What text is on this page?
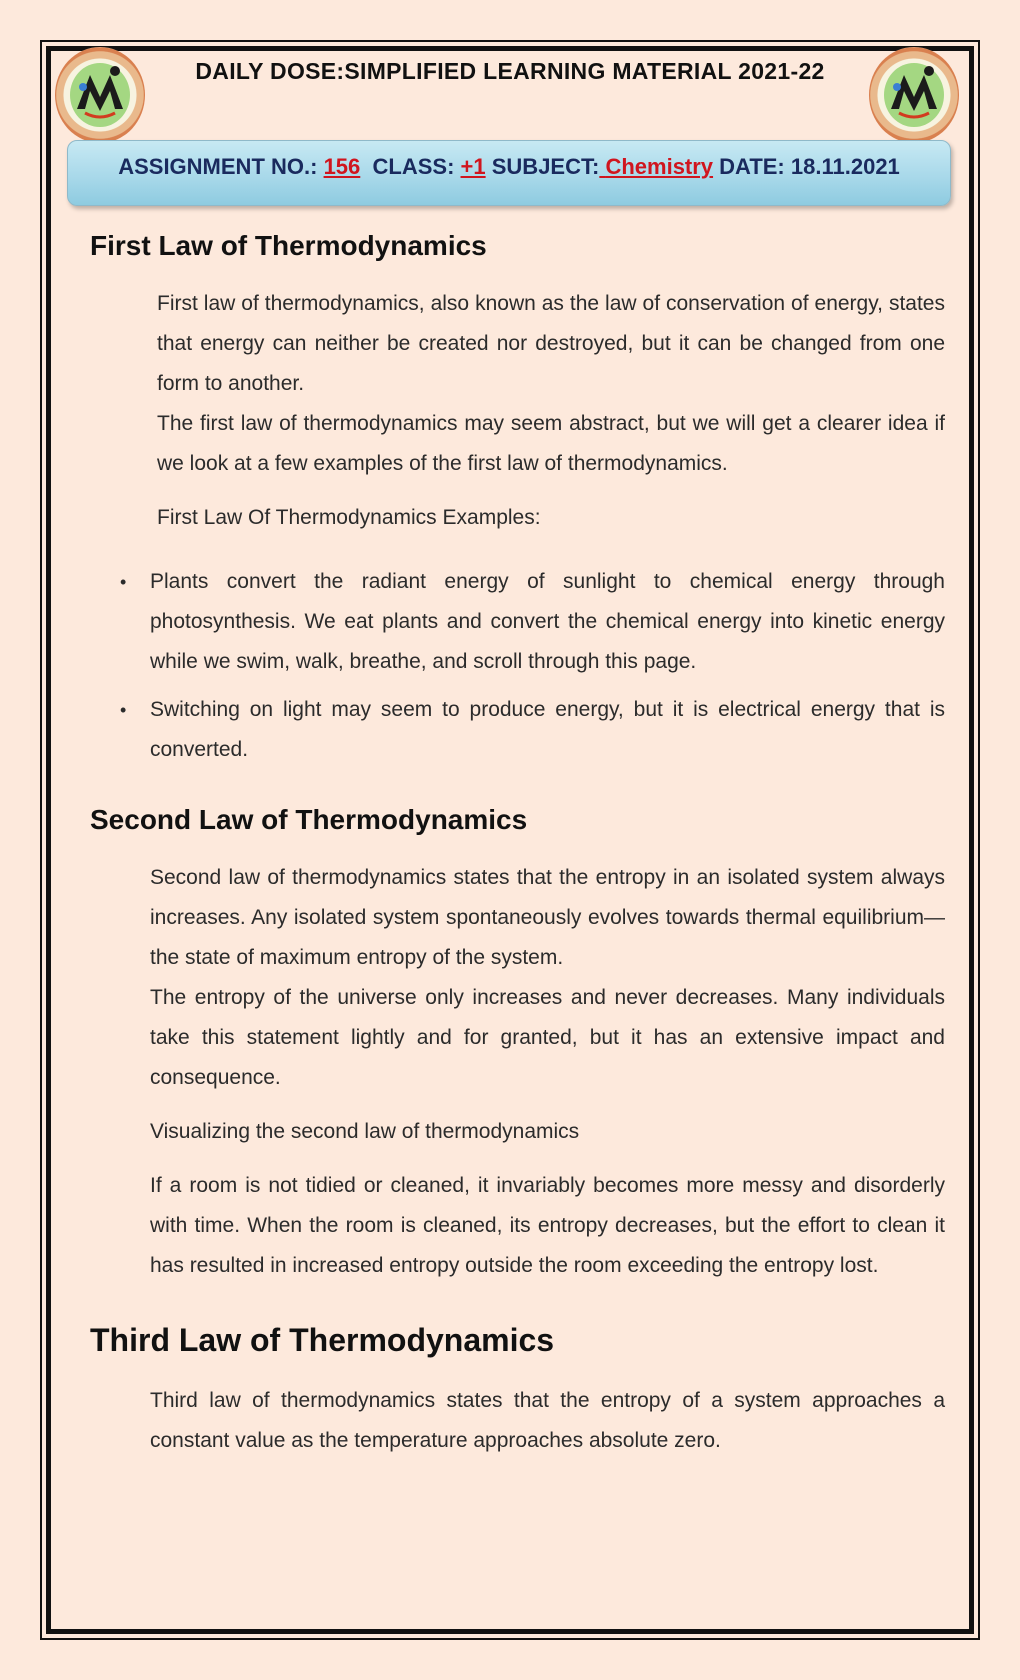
DAILY DOSE:SIMPLIFIED LEARNING MATERIAL 2021-22
ASSIGNMENT NO.: 156 CLASS: +1 SUBJECT: Chemistry DATE: 18.11.2021
First Law of Thermodynamics

First law of thermodynamics, also known as the law of conservation of energy, states that energy can neither be created nor destroyed, but it can be changed from one form to another.

The first law of thermodynamics may seem abstract, but we will get a clearer idea if we look at a few examples of the first law of thermodynamics.

First Law Of Thermodynamics Examples:

• Plants convert the radiant energy of sunlight to chemical energy through photosynthesis. We eat plants and convert the chemical energy into kinetic energy while we swim, walk, breathe, and scroll through this page.
• Switching on light may seem to produce energy, but it is electrical energy that is converted.
Second Law of Thermodynamics

Second law of thermodynamics states that the entropy in an isolated system always increases. Any isolated system spontaneously evolves towards thermal equilibrium—the state of maximum entropy of the system.

The entropy of the universe only increases and never decreases. Many individuals take this statement lightly and for granted, but it has an extensive impact and consequence.

Visualizing the second law of thermodynamics

If a room is not tidied or cleaned, it invariably becomes more messy and disorderly with time. When the room is cleaned, its entropy decreases, but the effort to clean it has resulted in increased entropy outside the room exceeding the entropy lost.

Third Law of Thermodynamics

Third law of thermodynamics states that the entropy of a system approaches a constant value as the temperature approaches absolute zero.
